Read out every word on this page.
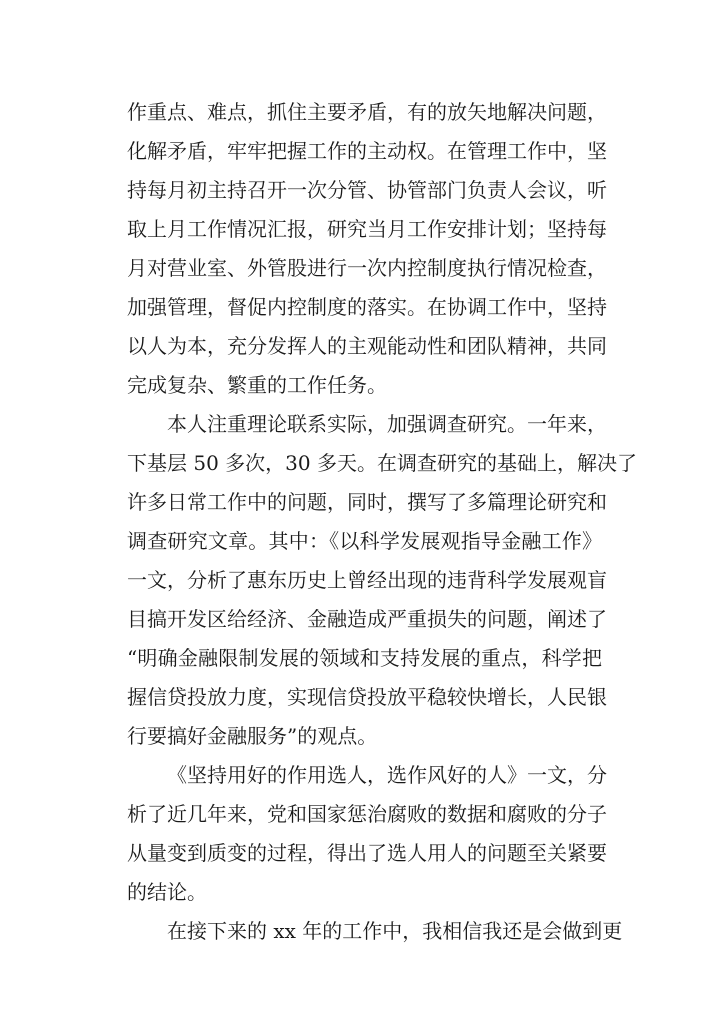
作重点、难点，抓住主要矛盾，有的放矢地解决问题，
化解矛盾，牢牢把握工作的主动权。在管理工作中，坚
持每月初主持召开一次分管、协管部门负责人会议，听
取上月工作情况汇报，研究当月工作安排计划；坚持每
月对营业室、外管股进行一次内控制度执行情况检查，
加强管理，督促内控制度的落实。在协调工作中，坚持
以人为本，充分发挥人的主观能动性和团队精神，共同
完成复杂、繁重的工作任务。
本人注重理论联系实际，加强调查研究。一年来，
下基层 50 多次，30 多天。在调查研究的基础上，解决了
许多日常工作中的问题，同时，撰写了多篇理论研究和
调查研究文章。其中：《以科学发展观指导金融工作》
一文，分析了惠东历史上曾经出现的违背科学发展观盲
目搞开发区给经济、金融造成严重损失的问题，阐述了
“明确金融限制发展的领域和支持发展的重点，科学把
握信贷投放力度，实现信贷投放平稳较快增长，人民银
行要搞好金融服务”的观点。
《坚持用好的作用选人，选作风好的人》一文，分
析了近几年来，党和国家惩治腐败的数据和腐败的分子
从量变到质变的过程，得出了选人用人的问题至关紧要
的结论。
在接下来的 xx 年的工作中，我相信我还是会做到更
